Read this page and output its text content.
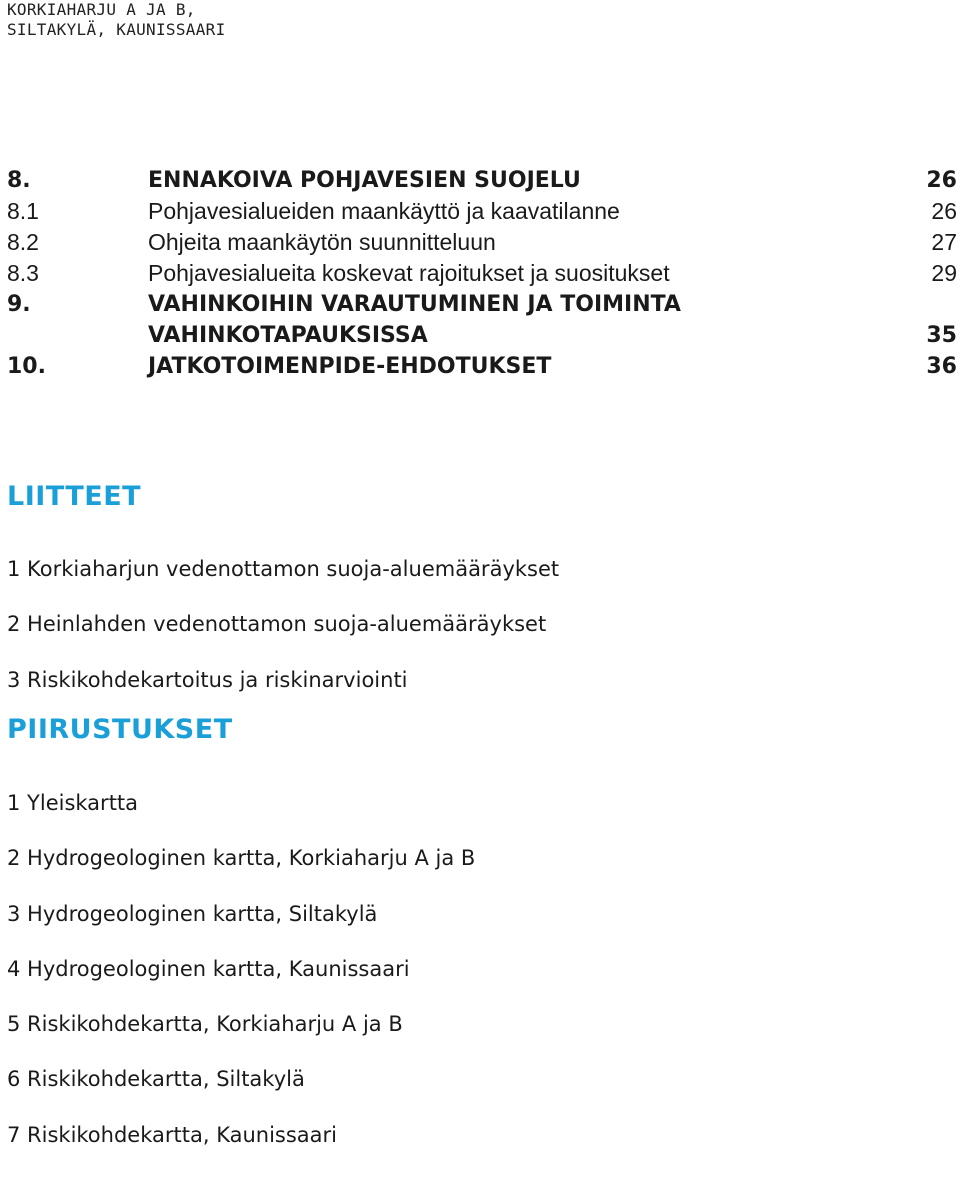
KORKIAHARJU A JA B,
SILTAKYLÄ, KAUNISSAARI
8.	ENNAKOIVA POHJAVESIEN SUOJELU	26
8.1	Pohjavesialueiden maankäyttö ja kaavatilanne	26
8.2	Ohjeita maankäytön suunnitteluun	27
8.3	Pohjavesialueita koskevat rajoitukset ja suositukset	29
9.	VAHINKOIHIN VARAUTUMINEN JA TOIMINTA
VAHINKOTAPAUKSISSA	35
10.	JATKOTOIMENPIDE-EHDOTUKSET	36
LIITTEET
1 Korkiaharjun vedenottamon suoja-aluemääräykset
2 Heinlahden vedenottamon suoja-aluemääräykset
3 Riskikohdekartoitus ja riskinarviointi
PIIRUSTUKSET
1 Yleiskartta
2 Hydrogeologinen kartta, Korkiaharju A ja B
3 Hydrogeologinen kartta, Siltakylä
4 Hydrogeologinen kartta, Kaunissaari
5 Riskikohdekartta, Korkiaharju A ja B
6 Riskikohdekartta, Siltakylä
7 Riskikohdekartta, Kaunissaari
